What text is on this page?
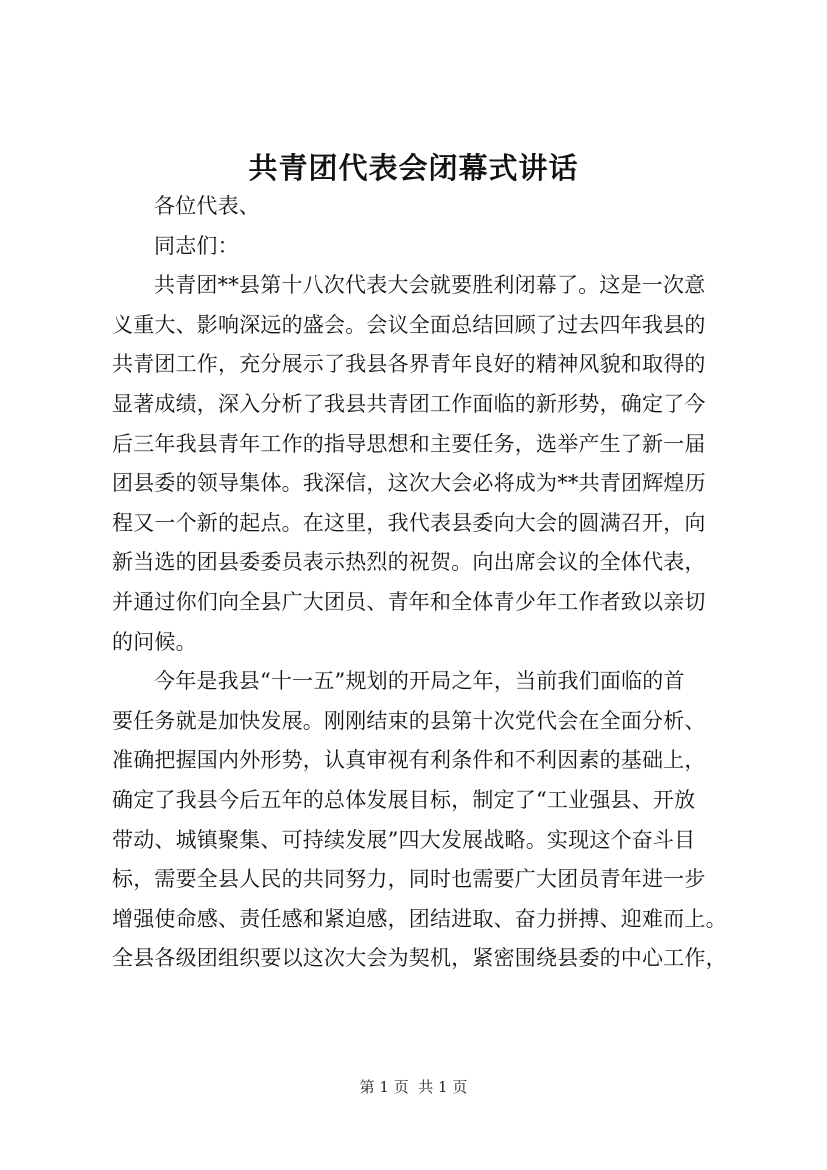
共青团代表会闭幕式讲话
各位代表、
同志们：
共青团**县第十八次代表大会就要胜利闭幕了。这是一次意
义重大、影响深远的盛会。会议全面总结回顾了过去四年我县的
共青团工作，充分展示了我县各界青年良好的精神风貌和取得的
显著成绩，深入分析了我县共青团工作面临的新形势，确定了今
后三年我县青年工作的指导思想和主要任务，选举产生了新一届
团县委的领导集体。我深信，这次大会必将成为**共青团辉煌历
程又一个新的起点。在这里，我代表县委向大会的圆满召开，向
新当选的团县委委员表示热烈的祝贺。向出席会议的全体代表，
并通过你们向全县广大团员、青年和全体青少年工作者致以亲切
的问候。
今年是我县“十一五”规划的开局之年，当前我们面临的首
要任务就是加快发展。刚刚结束的县第十次党代会在全面分析、
准确把握国内外形势，认真审视有利条件和不利因素的基础上，
确定了我县今后五年的总体发展目标，制定了“工业强县、开放
带动、城镇聚集、可持续发展”四大发展战略。实现这个奋斗目
标，需要全县人民的共同努力，同时也需要广大团员青年进一步
增强使命感、责任感和紧迫感，团结进取、奋力拼搏、迎难而上。
全县各级团组织要以这次大会为契机，紧密围绕县委的中心工作，
第 1 页  共 1 页
